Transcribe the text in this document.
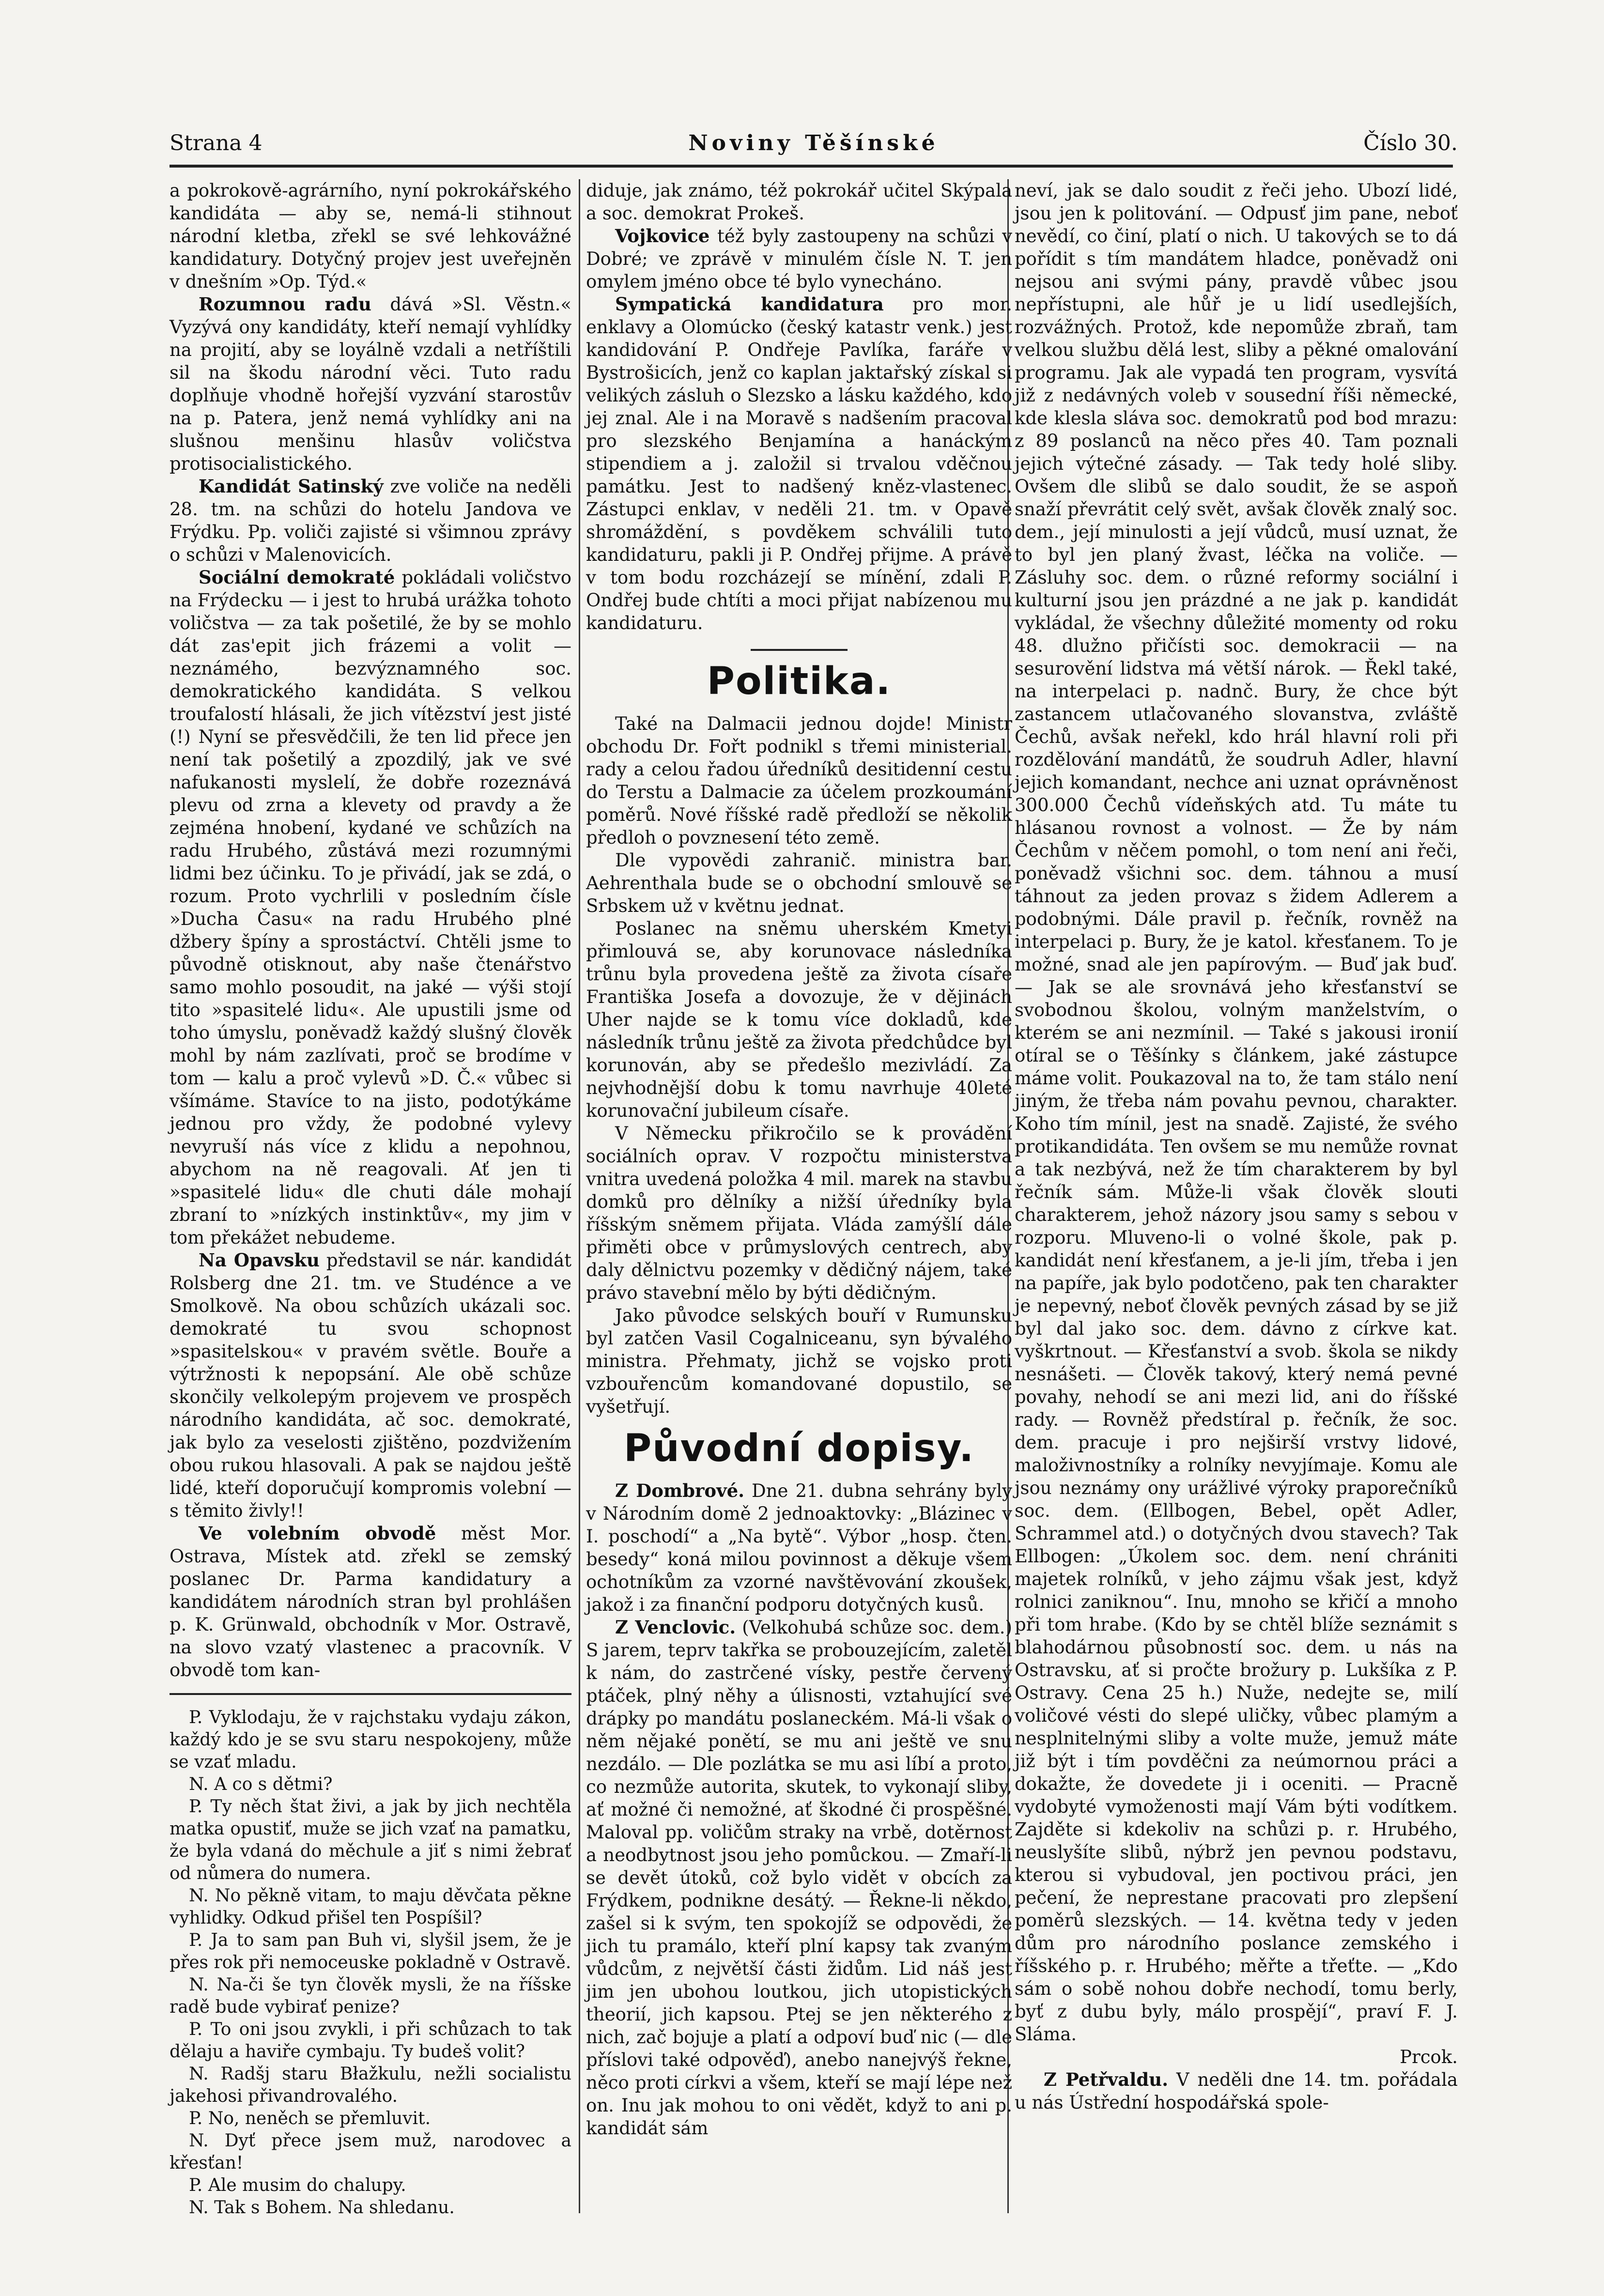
Strana 4	Noviny Těšínské	Číslo 30.

a pokrokově-agrárního, nyní pokrokářského kandidáta — aby se, nemá-li stihnout národní kletba, zřekl se své lehkovážné kandidatury. Dotyčný projev jest uveřejněn v dnešním »Op. Týd.«

Rozumnou radu dává »Sl. Věstn.« Vyzývá ony kandidáty, kteří nemají vyhlídky na projití, aby se loyálně vzdali a netříštili sil na škodu národní věci. Tuto radu doplňuje vhodně hořejší vyzvání starostův na p. Patera, jenž nemá vyhlídky ani na slušnou menšinu hlasův voličstva protisocialistického.

Kandidát Satinský zve voliče na neděli 28. tm. na schůzi do hotelu Jandova ve Frýdku. Pp. voliči zajisté si všimnou zprávy o schůzi v Malenovicích.

Sociální demokraté pokládali voličstvo na Frýdecku — i jest to hrubá urážka tohoto voličstva — za tak pošetilé, že by se mohlo dát zas'epit jich frázemi a volit — neznámého, bezvýznamného soc. demokratického kandidáta. S velkou troufalostí hlásali, že jich vítězství jest jisté (!) Nyní se přesvědčili, že ten lid přece jen není tak pošetilý a zpozdilý, jak ve své nafukanosti myslelí, že dobře rozeznává plevu od zrna a klevety od pravdy a že zejména hnobení, kydané ve schůzích na radu Hrubého, zůstává mezi rozumnými lidmi bez účinku. To je přivádí, jak se zdá, o rozum. Proto vychrlili v posledním čísle »Ducha Času« na radu Hrubého plné džbery špíny a sprostáctví. Chtěli jsme to původně otisknout, aby naše čtenářstvo samo mohlo posoudit, na jaké — výši stojí tito »spasitelé lidu«. Ale upustili jsme od toho úmyslu, poněvadž každý slušný člověk mohl by nám zazlívati, proč se brodíme v tom — kalu a proč vylevů »D. Č.« vůbec si všímáme. Stavíce to na jisto, podotýkáme jednou pro vždy, že podobné vylevy nevyruší nás více z klidu a nepohnou, abychom na ně reagovali. Ať jen ti »spasitelé lidu« dle chuti dále mohají zbraní to »nízkých instinktův«, my jim v tom překážet nebudeme.

Na Opavsku představil se nár. kandidát Rolsberg dne 21. tm. ve Studénce a ve Smolkově. Na obou schůzích ukázali soc. demokraté tu svou schopnost »spasitelskou« v pravém světle. Bouře a výtržnosti k nepopsání. Ale obě schůze skončily velkolepým projevem ve prospěch národního kandidáta, ač soc. demokraté, jak bylo za veselosti zjištěno, pozdvižením obou rukou hlasovali. A pak se najdou ještě lidé, kteří doporučují kompromis volební — s těmito živly!!

Ve volebním obvodě měst Mor. Ostrava, Místek atd. zřekl se zemský poslanec Dr. Parma kandidatury a kandidátem národních stran byl prohlášen p. K. Grünwald, obchodník v Mor. Ostravě, na slovo vzatý vlastenec a pracovník. V obvodě tom kan-

P. Vyklodaju, že v rajchstaku vydaju zákon, každý kdo je se svu staru nespokojeny, může se vzať mladu.

N. A co s dětmi?

P. Ty něch štat živi, a jak by jich nechtěla matka opustiť, muže se jich vzať na pamatku, že byla vdaná do měchule a jiť s nimi žebrať od nůmera do numera.

N. No pěkně vitam, to maju děvčata pěkne vyhlidky. Odkud přišel ten Pospíšil?

P. Ja to sam pan Buh vi, slyšil jsem, že je přes rok při nemoceuske pokladně v Ostravě.

N. Na-či še tyn člověk mysli, že na říšske radě bude vybirať penize?

P. To oni jsou zvykli, i při schůzach to tak dělaju a haviře cymbaju. Ty budeš volit?

N. Radšj staru Błažkulu, nežli socialistu jakehosi přivandrovalého.

P. No, neněch se přemluvit.

N. Dyť přece jsem muž, narodovec a křesťan!

P. Ale musim do chalupy.

N. Tak s Bohem. Na shledanu.

diduje, jak známo, též pokrokář učitel Skýpala a soc. demokrat Prokeš.

Vojkovice též byly zastoupeny na schůzi v Dobré; ve zprávě v minulém čísle N. T. jen omylem jméno obce té bylo vynecháno.

Sympatická kandidatura pro mor. enklavy a Olomúcko (český katastr venk.) jest kandidování P. Ondřeje Pavlíka, faráře v Bystrošicích, jenž co kaplan jaktařský získal si velikých zásluh o Slezsko a lásku každého, kdo jej znal. Ale i na Moravě s nadšením pracoval pro slezského Benjamína a hanáckým stipendiem a j. založil si trvalou vděčnou památku. Jest to nadšený kněz-vlastenec. Zástupci enklav, v neděli 21. tm. v Opavě shromáždění, s povděkem schválili tuto kandidaturu, pakli ji P. Ondřej přijme. A právě v tom bodu rozcházejí se mínění, zdali P. Ondřej bude chtíti a moci přijat nabízenou mu kandidaturu.

Politika.

Také na Dalmacii jednou dojde! Ministr obchodu Dr. Fořt podnikl s třemi ministerial. rady a celou řadou úředníků desitidenní cestu do Terstu a Dalmacie za účelem prozkoumání poměrů. Nové říšské radě předloží se několik předloh o povznesení této země.

Dle vypovědi zahranič. ministra bar. Aehrenthala bude se o obchodní smlouvě se Srbskem už v květnu jednat.

Poslanec na sněmu uherském Kmetyi přimlouvá se, aby korunovace následníka trůnu byla provedena ještě za života císaře Františka Josefa a dovozuje, že v dějinách Uher najde se k tomu více dokladů, kde následník trůnu ještě za života předchůdce byl korunován, aby se předešlo mezivládí. Za nejvhodnější dobu k tomu navrhuje 40leté korunovační jubileum císaře.

V Německu přikročilo se k provádění sociálních oprav. V rozpočtu ministerstva vnitra uvedená položka 4 mil. marek na stavbu domků pro dělníky a nižší úředníky byla říšským sněmem přijata. Vláda zamýšlí dále přiměti obce v průmyslových centrech, aby daly dělnictvu pozemky v dědičný nájem, také právo stavební mělo by býti dědičným.

Jako původce selských bouří v Rumunsku byl zatčen Vasil Cogalniceanu, syn bývalého ministra. Přehmaty, jichž se vojsko proti vzbouřencům komandované dopustilo, se vyšetřují.

Původní dopisy.

Z Dombrové. Dne 21. dubna sehrány byly v Národním domě 2 jednoaktovky: „Blázinec v I. poschodí“ a „Na bytě“. Výbor „hosp. čten. besedy“ koná milou povinnost a děkuje všem ochotníkům za vzorné navštěvování zkoušek, jakož i za finanční podporu dotyčných kusů.

Z Venclovic. (Velkohubá schůze soc. dem.) S jarem, teprv takřka se probouzejícím, zaletěl k nám, do zastrčené vísky, pestře červený ptáček, plný něhy a úlisnosti, vztahující své drápky po mandátu poslaneckém. Má-li však o něm nějaké ponětí, se mu ani ještě ve snu nezdálo. — Dle pozlátka se mu asi líbí a proto, co nezmůže autorita, skutek, to vykonají sliby, ať možné či nemožné, ať škodné či prospěšné. Maloval pp. voličům straky na vrbě, dotěrnost a neodbytnost jsou jeho pomůckou. — Zmaří-li se devět útoků, což bylo vidět v obcích za Frýdkem, podnikne desátý. — Řekne-li někdo, zašel si k svým, ten spokojíž se odpovědi, že jich tu pramálo, kteří plní kapsy tak zvaným vůdcům, z největší části židům. Lid náš jest jim jen ubohou loutkou, jich utopistických theorií, jich kapsou. Ptej se jen některého z nich, zač bojuje a platí a odpoví buď nic (— dle příslovi také odpověď), anebo nanejvýš řekne, něco proti církvi a všem, kteří se mají lépe než on. Inu jak mohou to oni vědět, když to ani p. kandidát sám

neví, jak se dalo soudit z řeči jeho. Ubozí lidé, jsou jen k politování. — Odpusť jim pane, neboť nevědí, co činí, platí o nich. U takových se to dá pořídit s tím mandátem hladce, poněvadž oni nejsou ani svými pány, pravdě vůbec jsou nepřístupni, ale hůř je u lidí usedlejších, rozvážných. Protož, kde nepomůže zbraň, tam velkou službu dělá lest, sliby a pěkné omalování programu. Jak ale vypadá ten program, vysvítá již z nedávných voleb v sousední říši německé, kde klesla sláva soc. demokratů pod bod mrazu: z 89 poslanců na něco přes 40. Tam poznali jejich výtečné zásady. — Tak tedy holé sliby. Ovšem dle slibů se dalo soudit, že se aspoň snaží převrátit celý svět, avšak člověk znalý soc. dem., její minulosti a její vůdců, musí uznat, že to byl jen planý žvast, léčka na voliče. — Zásluhy soc. dem. o různé reformy sociální i kulturní jsou jen prázdné a ne jak p. kandidát vykládal, že všechny důležité momenty od roku 48. dlužno přičísti soc. demokracii — na sesurovění lidstva má větší nárok. — Řekl také, na interpelaci p. nadnč. Bury, že chce být zastancem utlačovaného slovanstva, zvláště Čechů, avšak neřekl, kdo hrál hlavní roli při rozdělování mandátů, že soudruh Adler, hlavní jejich komandant, nechce ani uznat oprávněnost 300.000 Čechů vídeňských atd. Tu máte tu hlásanou rovnost a volnost. — Že by nám Čechům v něčem pomohl, o tom není ani řeči, poněvadž všichni soc. dem. táhnou a musí táhnout za jeden provaz s židem Adlerem a podobnými. Dále pravil p. řečník, rovněž na interpelaci p. Bury, že je katol. křesťanem. To je možné, snad ale jen papírovým. — Buď jak buď. — Jak se ale srovnává jeho křesťanství se svobodnou školou, volným manželstvím, o kterém se ani nezmínil. — Také s jakousi ironií otíral se o Těšínky s článkem, jaké zástupce máme volit. Poukazoval na to, že tam stálo není jiným, že třeba nám povahu pevnou, charakter. Koho tím mínil, jest na snadě. Zajisté, že svého protikandidáta. Ten ovšem se mu nemůže rovnat a tak nezbývá, než že tím charakterem by byl řečník sám. Může-li však člověk slouti charakterem, jehož názory jsou samy s sebou v rozporu. Mluveno-li o volné škole, pak p. kandidát není křesťanem, a je-li jím, třeba i jen na papíře, jak bylo podotčeno, pak ten charakter je nepevný, neboť člověk pevných zásad by se již byl dal jako soc. dem. dávno z církve kat. vyškrtnout. — Křesťanství a svob. škola se nikdy nesnášeti. — Člověk takový, který nemá pevné povahy, nehodí se ani mezi lid, ani do říšské rady. — Rovněž předstíral p. řečník, že soc. dem. pracuje i pro nejširší vrstvy lidové, maloživnostníky a rolníky nevyjímaje. Komu ale jsou neznámy ony urážlivé výroky praporečníků soc. dem. (Ellbogen, Bebel, opět Adler, Schrammel atd.) o dotyčných dvou stavech? Tak Ellbogen: „Úkolem soc. dem. není chrániti majetek rolníků, v jeho zájmu však jest, když rolnici zaniknou“. Inu, mnoho se křičí a mnoho při tom hrabe. (Kdo by se chtěl blíže seznámit s blahodárnou působností soc. dem. u nás na Ostravsku, ať si pročte brožury p. Lukšíka z P. Ostravy. Cena 25 h.) Nuže, nedejte se, milí voličové vésti do slepé uličky, vůbec plamým a nesplnitelnými sliby a volte muže, jemuž máte již být i tím povděčni za neúmornou práci a dokažte, že dovedete ji i oceniti. — Pracně vydobyté vymoženosti mají Vám býti vodítkem. Zajděte si kdekoliv na schůzi p. r. Hrubého, neuslyšíte slibů, nýbrž jen pevnou podstavu, kterou si vybudoval, jen poctivou práci, jen pečení, že neprestane pracovati pro zlepšení poměrů slezských. — 14. května tedy v jeden dům pro národního poslance zemského i říšského p. r. Hrubého; měřte a třeťte. — „Kdo sám o sobě nohou dobře nechodí, tomu berly, byť z dubu byly, málo prospějí“, praví F. J. Sláma.

Prcok.

Z Petřvaldu. V neděli dne 14. tm. pořádala u nás Ústřední hospodářská spole-
